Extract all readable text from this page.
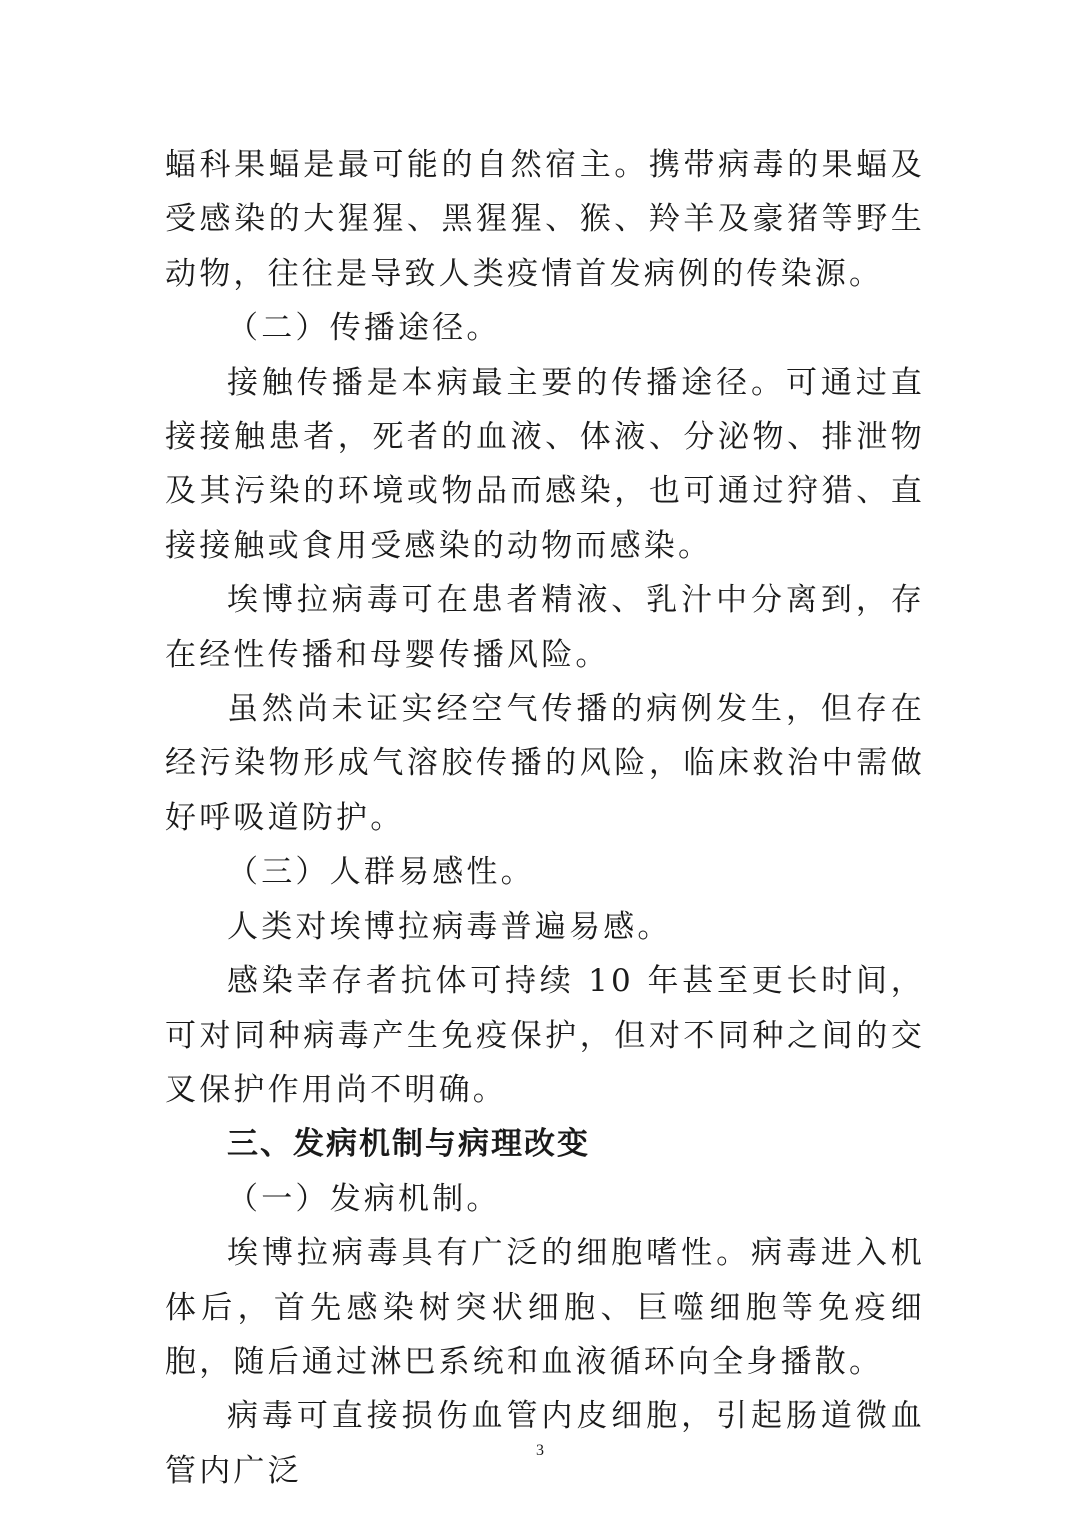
蝠科果蝠是最可能的自然宿主。携带病毒的果蝠及受感染的大猩猩、黑猩猩、猴、羚羊及豪猪等野生动物，往往是导致人类疫情首发病例的传染源。

（二）传播途径。

接触传播是本病最主要的传播途径。可通过直接接触患者，死者的血液、体液、分泌物、排泄物及其污染的环境或物品而感染，也可通过狩猎、直接接触或食用受感染的动物而感染。

埃博拉病毒可在患者精液、乳汁中分离到，存在经性传播和母婴传播风险。

虽然尚未证实经空气传播的病例发生，但存在经污染物形成气溶胶传播的风险，临床救治中需做好呼吸道防护。

（三）人群易感性。

人类对埃博拉病毒普遍易感。

感染幸存者抗体可持续 10 年甚至更长时间，可对同种病毒产生免疫保护，但对不同种之间的交叉保护作用尚不明确。

三、发病机制与病理改变

（一）发病机制。

埃博拉病毒具有广泛的细胞嗜性。病毒进入机体后，首先感染树突状细胞、巨噬细胞等免疫细胞，随后通过淋巴系统和血液循环向全身播散。

病毒可直接损伤血管内皮细胞，引起肠道微血管内广泛

3
